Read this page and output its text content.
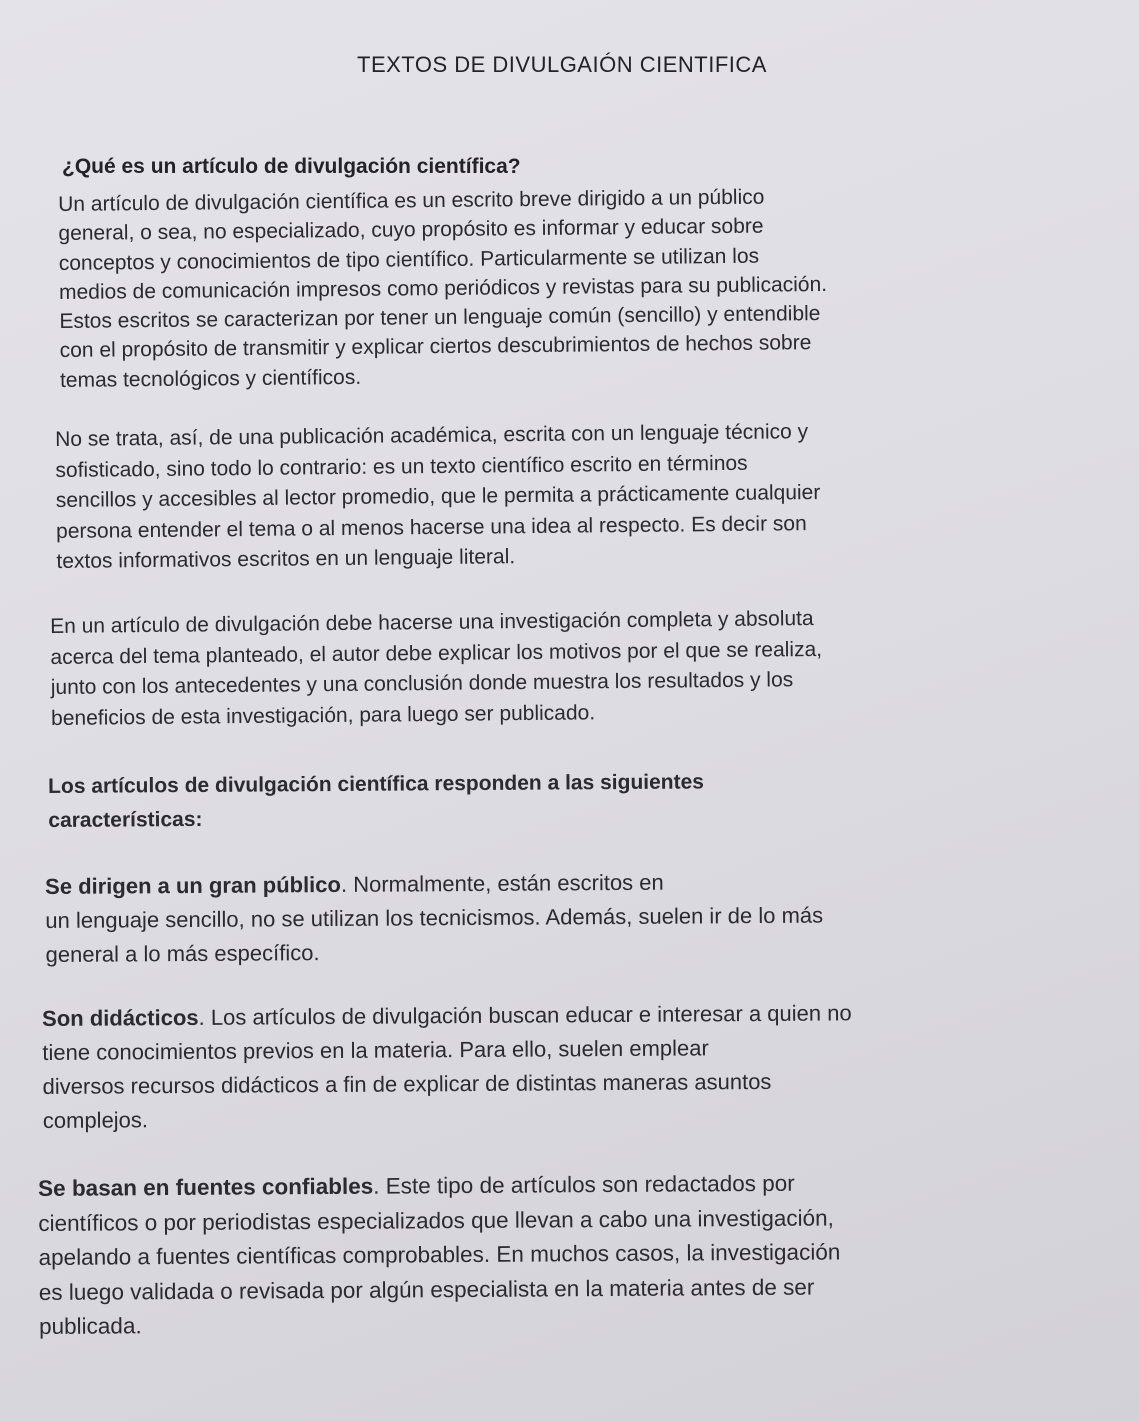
TEXTOS DE DIVULGAIÓN CIENTIFICA
¿Qué es un artículo de divulgación científica?
Un artículo de divulgación científica es un escrito breve dirigido a un público
general, o sea, no especializado, cuyo propósito es informar y educar sobre
conceptos y conocimientos de tipo científico. Particularmente se utilizan los
medios de comunicación impresos como periódicos y revistas para su publicación.
Estos escritos se caracterizan por tener un lenguaje común (sencillo) y entendible
con el propósito de transmitir y explicar ciertos descubrimientos de hechos sobre
temas tecnológicos y científicos.
No se trata, así, de una publicación académica, escrita con un lenguaje técnico y
sofisticado, sino todo lo contrario: es un texto científico escrito en términos
sencillos y accesibles al lector promedio, que le permita a prácticamente cualquier
persona entender el tema o al menos hacerse una idea al respecto. Es decir son
textos informativos escritos en un lenguaje literal.
En un artículo de divulgación debe hacerse una investigación completa y absoluta
acerca del tema planteado, el autor debe explicar los motivos por el que se realiza,
junto con los antecedentes y una conclusión donde muestra los resultados y los
beneficios de esta investigación, para luego ser publicado.
Los artículos de divulgación científica responden a las siguientes
características:
Se dirigen a un gran público. Normalmente, están escritos en
un lenguaje sencillo, no se utilizan los tecnicismos. Además, suelen ir de lo más
general a lo más específico.
Son didácticos. Los artículos de divulgación buscan educar e interesar a quien no
tiene conocimientos previos en la materia. Para ello, suelen emplear
diversos recursos didácticos a fin de explicar de distintas maneras asuntos
complejos.
Se basan en fuentes confiables. Este tipo de artículos son redactados por
científicos o por periodistas especializados que llevan a cabo una investigación,
apelando a fuentes científicas comprobables. En muchos casos, la investigación
es luego validada o revisada por algún especialista en la materia antes de ser
publicada.
